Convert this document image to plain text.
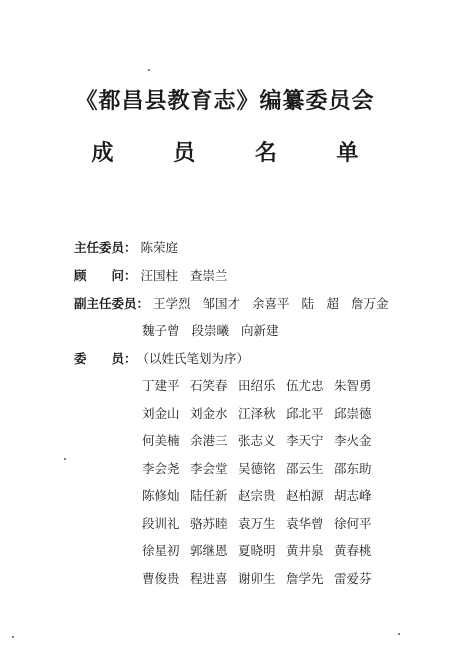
《都昌县教育志》编纂委员会
成 员 名 单
主任委员： 陈荣庭
顾　　问： 汪国柱 查崇兰
副主任委员： 王学烈 邹国才 余喜平 陆　超 詹万金
魏子曾 段崇曦 向新建
委　　员：（以姓氏笔划为序）
丁建平 石笑春 田绍乐 伍尤忠 朱智勇
刘金山 刘金水 江泽秋 邱北平 邱崇德
何美楠 余港三 张志义 李天宁 李火金
李会尧 李会堂 吴德铭 邵云生 邵东助
陈修灿 陆任新 赵宗贵 赵柏源 胡志峰
段训礼 骆苏睦 袁万生 袁华曾 徐何平
徐星初 郭继恩 夏晓明 黄井泉 黄春桃
曹俊贵 程进喜 谢卯生 詹学先 雷爱芬
